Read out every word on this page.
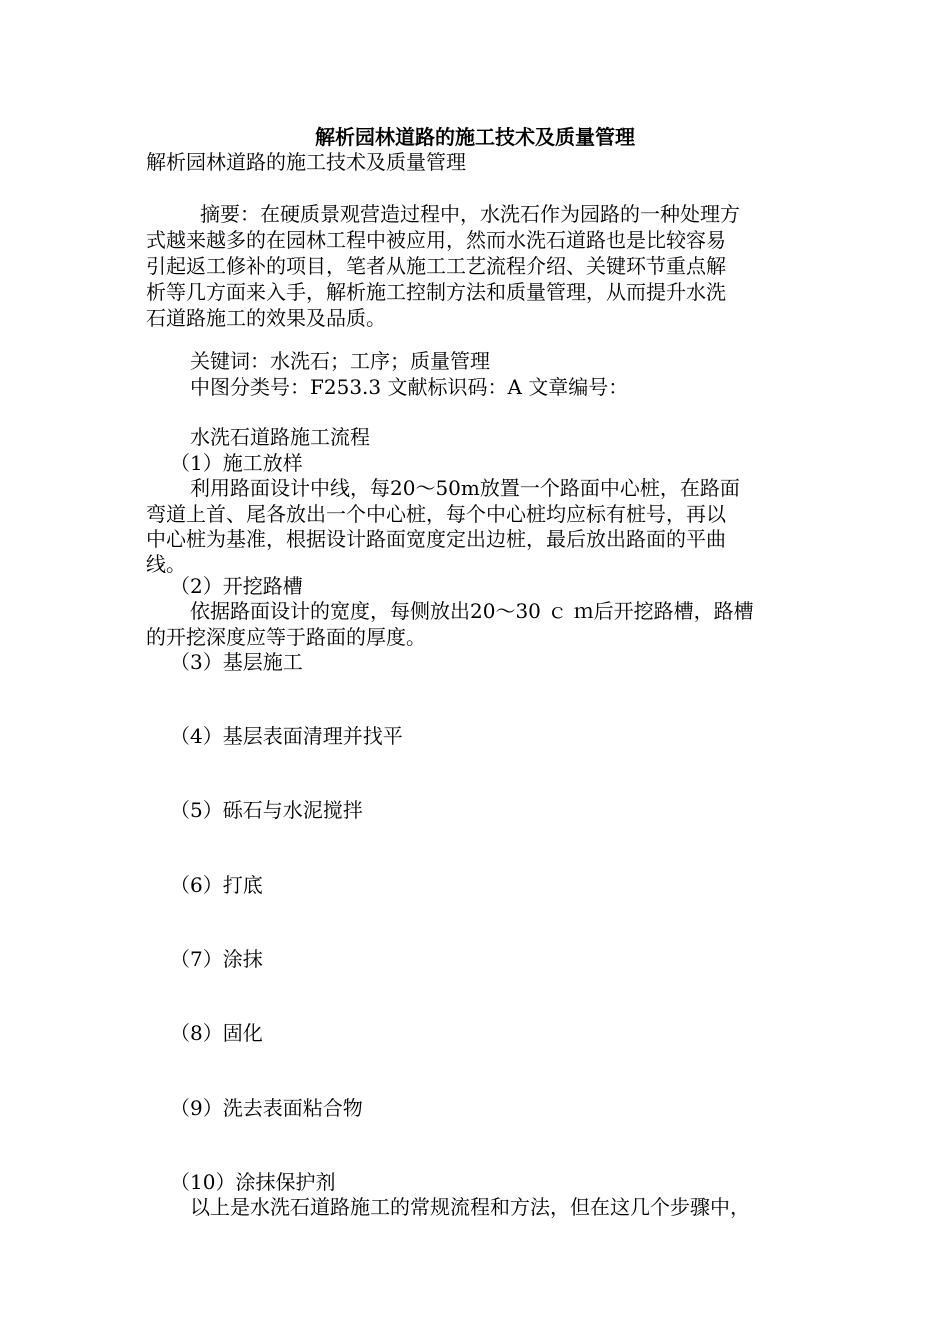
解析园林道路的施工技术及质量管理
解析园林道路的施工技术及质量管理
摘要：在硬质景观营造过程中，水洗石作为园路的一种处理方
式越来越多的在园林工程中被应用，然而水洗石道路也是比较容易
引起返工修补的项目，笔者从施工工艺流程介绍、关键环节重点解
析等几方面来入手，解析施工控制方法和质量管理，从而提升水洗
石道路施工的效果及品质。
关键词：水洗石；工序；质量管理
中图分类号：F253.3 文献标识码：A 文章编号：
水洗石道路施工流程
（1）施工放样
利用路面设计中线，每20～50m放置一个路面中心桩，在路面
弯道上首、尾各放出一个中心桩，每个中心桩均应标有桩号，再以
中心桩为基准，根据设计路面宽度定出边桩，最后放出路面的平曲
线。
（2）开挖路槽
依据路面设计的宽度，每侧放出20～30 ｃ ｍ后开挖路槽，路槽
的开挖深度应等于路面的厚度。
（3）基层施工
（4）基层表面清理并找平
（5）砾石与水泥搅拌
（6）打底
（7）涂抹
（8）固化
（9）洗去表面粘合物
（10）涂抹保护剂
以上是水洗石道路施工的常规流程和方法，但在这几个步骤中，
